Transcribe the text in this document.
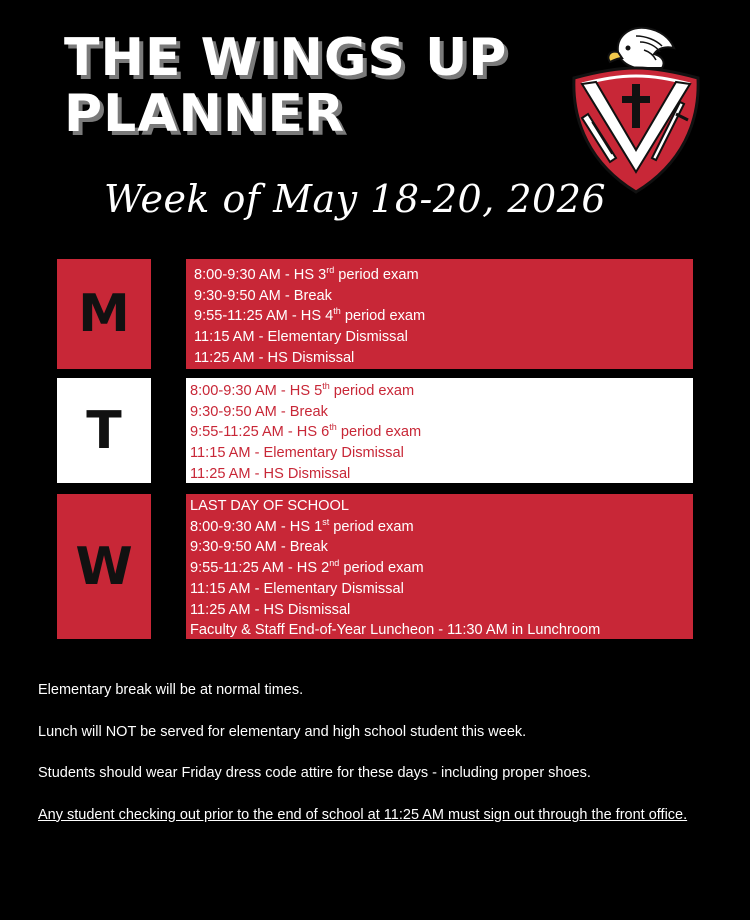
THE WINGS UP
PLANNER
Week of May 18-20, 2026
M
8:00-9:30 AM - HS 3rd period exam
9:30-9:50 AM - Break
9:55-11:25 AM - HS 4th period exam
11:15 AM - Elementary Dismissal
11:25 AM - HS Dismissal
T
8:00-9:30 AM - HS 5th period exam
9:30-9:50 AM - Break
9:55-11:25 AM - HS 6th period exam
11:15 AM - Elementary Dismissal
11:25 AM - HS Dismissal
W
LAST DAY OF SCHOOL
8:00-9:30 AM - HS 1st period exam
9:30-9:50 AM - Break
9:55-11:25 AM - HS 2nd period exam
11:15 AM - Elementary Dismissal
11:25 AM - HS Dismissal
Faculty & Staff End-of-Year Luncheon - 11:30 AM in Lunchroom

Elementary break will be at normal times.

Lunch will NOT be served for elementary and high school student this week.

Students should wear Friday dress code attire for these days - including proper shoes.

Any student checking out prior to the end of school at 11:25 AM must sign out through the front office.
